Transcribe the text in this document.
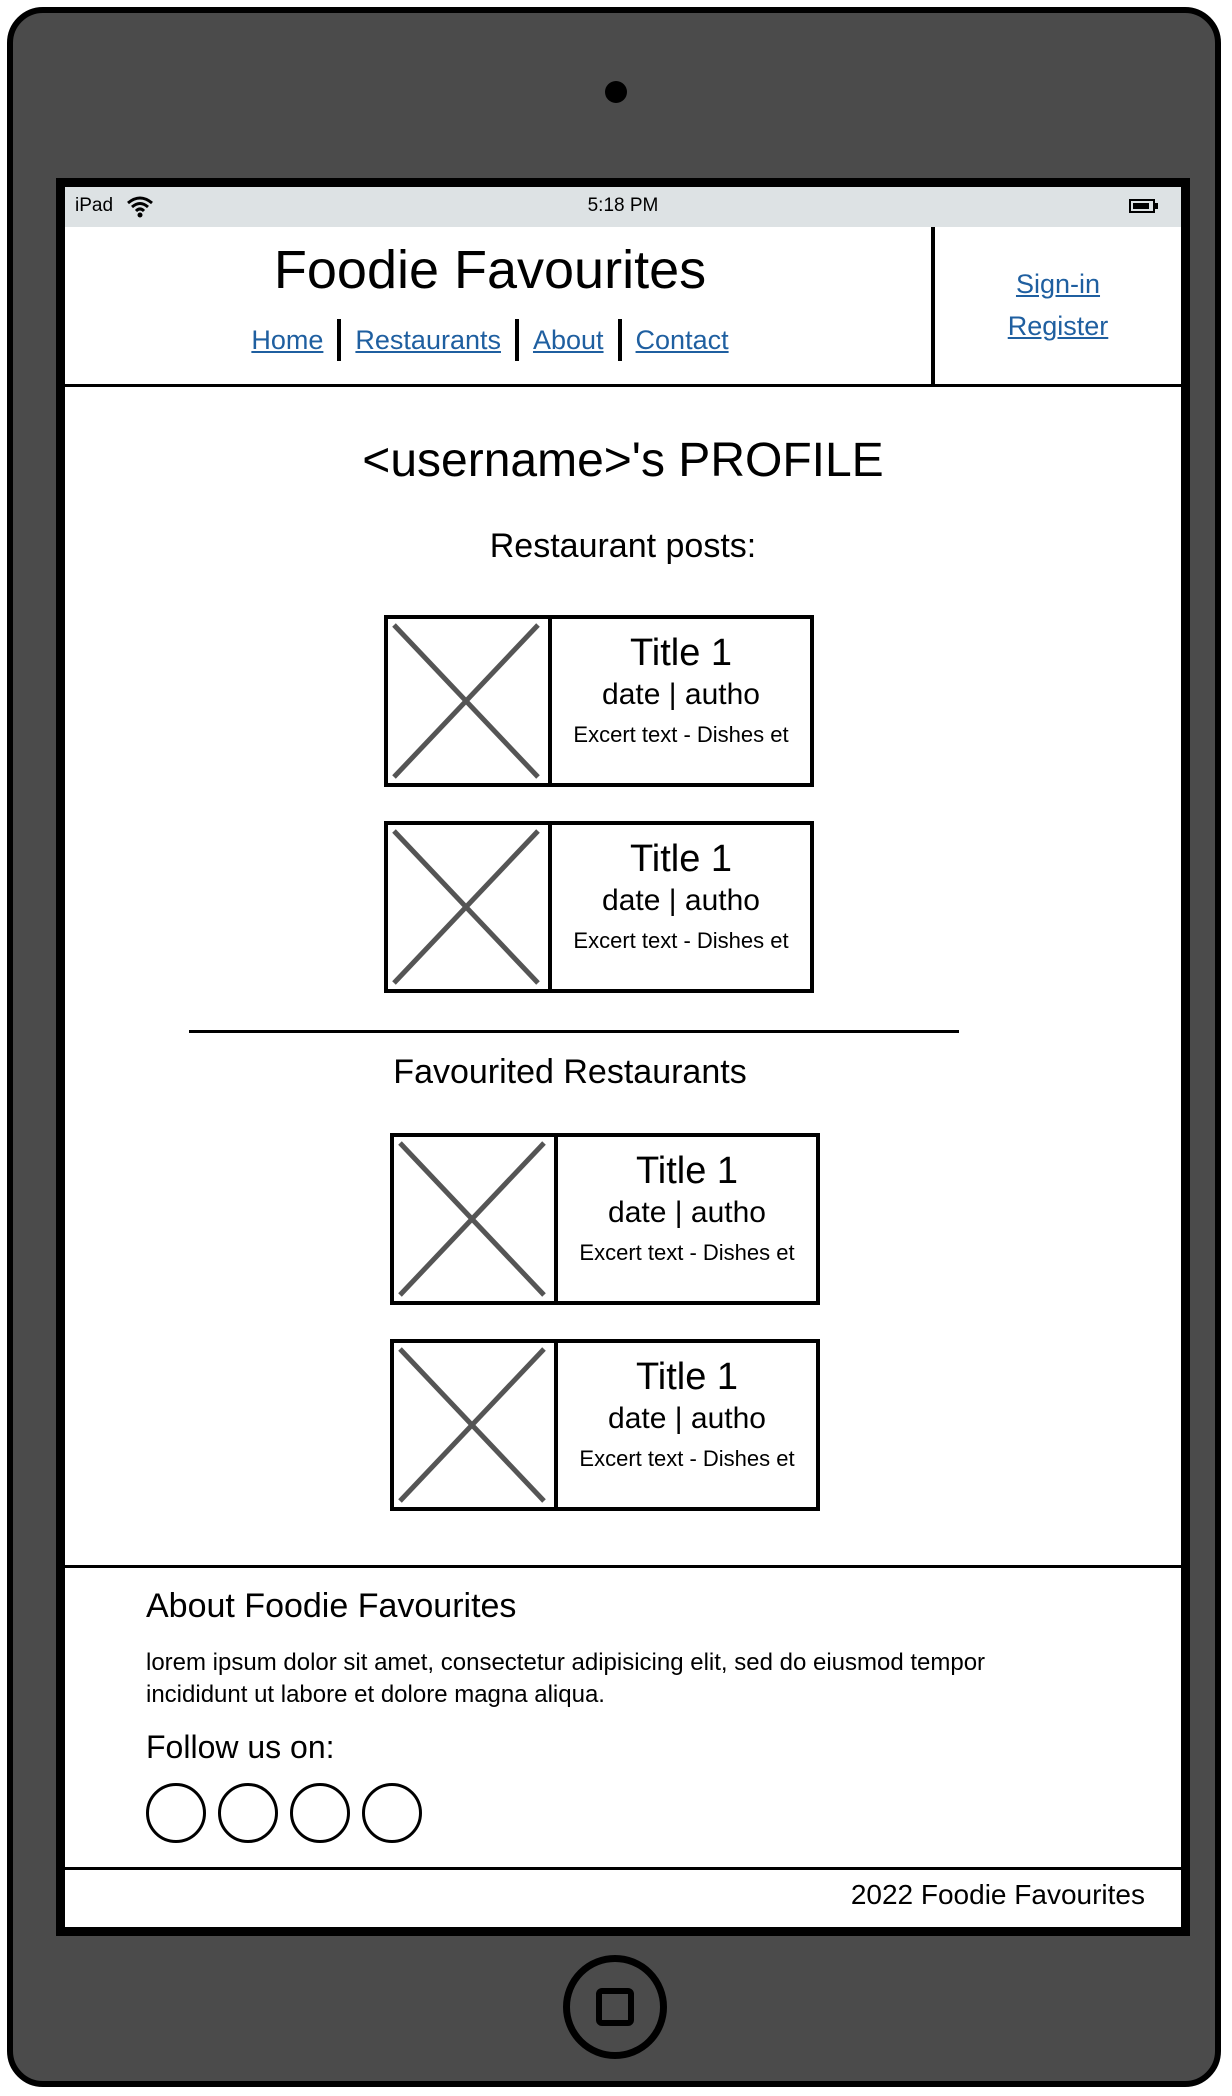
iPad	5:18 PM
Foodie Favourites
Home	Restaurants	About	Contact
Sign-in
Register
<username>'s PROFILE
Restaurant posts:
Title 1
date | autho
Excert text - Dishes et
Title 1
date | autho
Excert text - Dishes et
Favourited Restaurants
Title 1
date | autho
Excert text - Dishes et
Title 1
date | autho
Excert text - Dishes et
About Foodie Favourites
lorem ipsum dolor sit amet, consectetur adipisicing elit, sed do eiusmod tempor incididunt ut labore et dolore magna aliqua.
Follow us on:
2022 Foodie Favourites
